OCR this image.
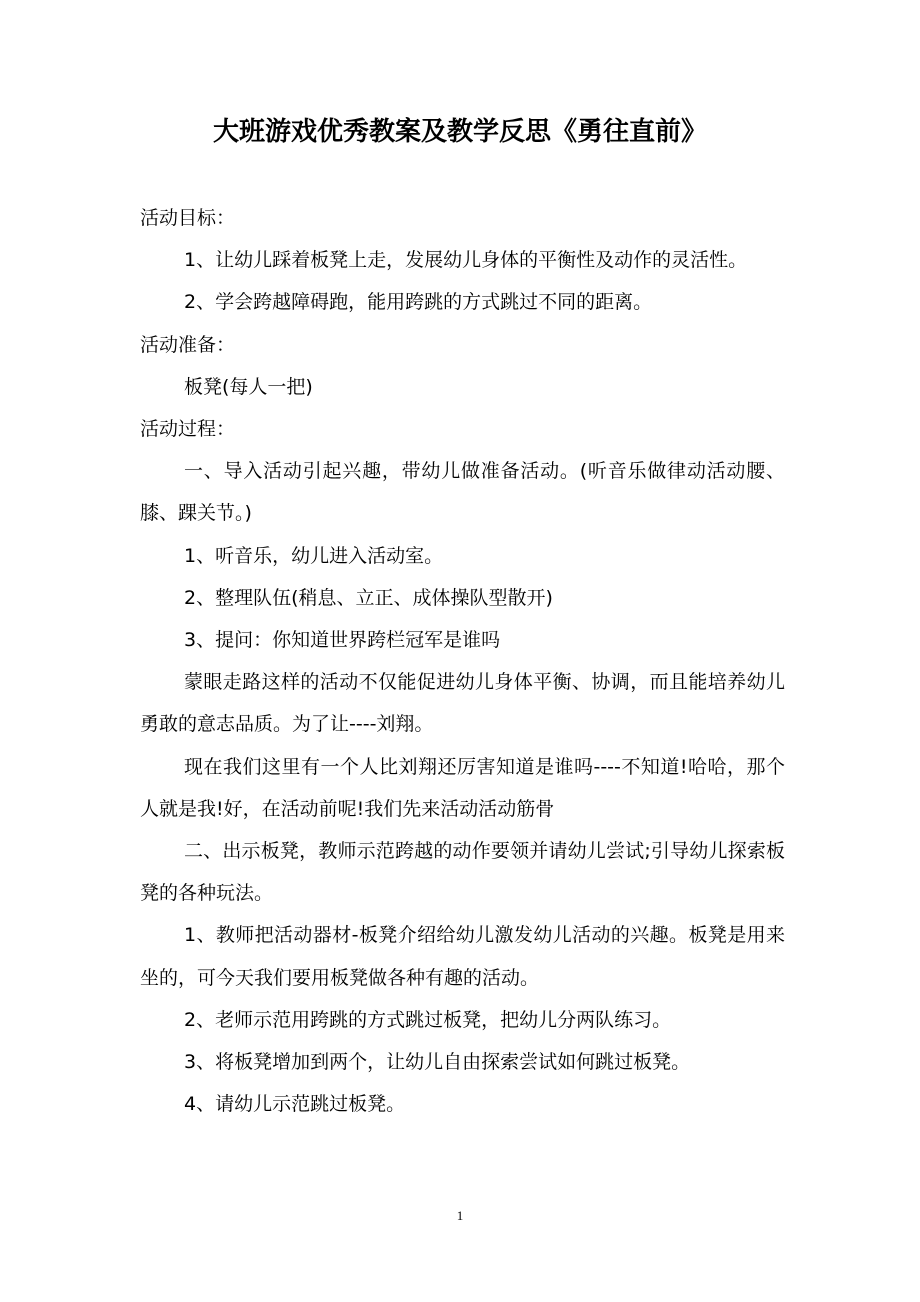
大班游戏优秀教案及教学反思《勇往直前》

活动目标：

1、让幼儿踩着板凳上走，发展幼儿身体的平衡性及动作的灵活性。

2、学会跨越障碍跑，能用跨跳的方式跳过不同的距离。

活动准备：

板凳(每人一把)

活动过程：

一、导入活动引起兴趣，带幼儿做准备活动。(听音乐做律动活动腰、膝、踝关节。)

1、听音乐，幼儿进入活动室。

2、整理队伍(稍息、立正、成体操队型散开)

3、提问：你知道世界跨栏冠军是谁吗

蒙眼走路这样的活动不仅能促进幼儿身体平衡、协调，而且能培养幼儿勇敢的意志品质。为了让----刘翔。

现在我们这里有一个人比刘翔还厉害知道是谁吗----不知道!哈哈，那个人就是我!好，在活动前呢!我们先来活动活动筋骨

二、出示板凳，教师示范跨越的动作要领并请幼儿尝试;引导幼儿探索板凳的各种玩法。

1、教师把活动器材-板凳介绍给幼儿激发幼儿活动的兴趣。板凳是用来坐的，可今天我们要用板凳做各种有趣的活动。

2、老师示范用跨跳的方式跳过板凳，把幼儿分两队练习。

3、将板凳增加到两个，让幼儿自由探索尝试如何跳过板凳。

4、请幼儿示范跳过板凳。

1
